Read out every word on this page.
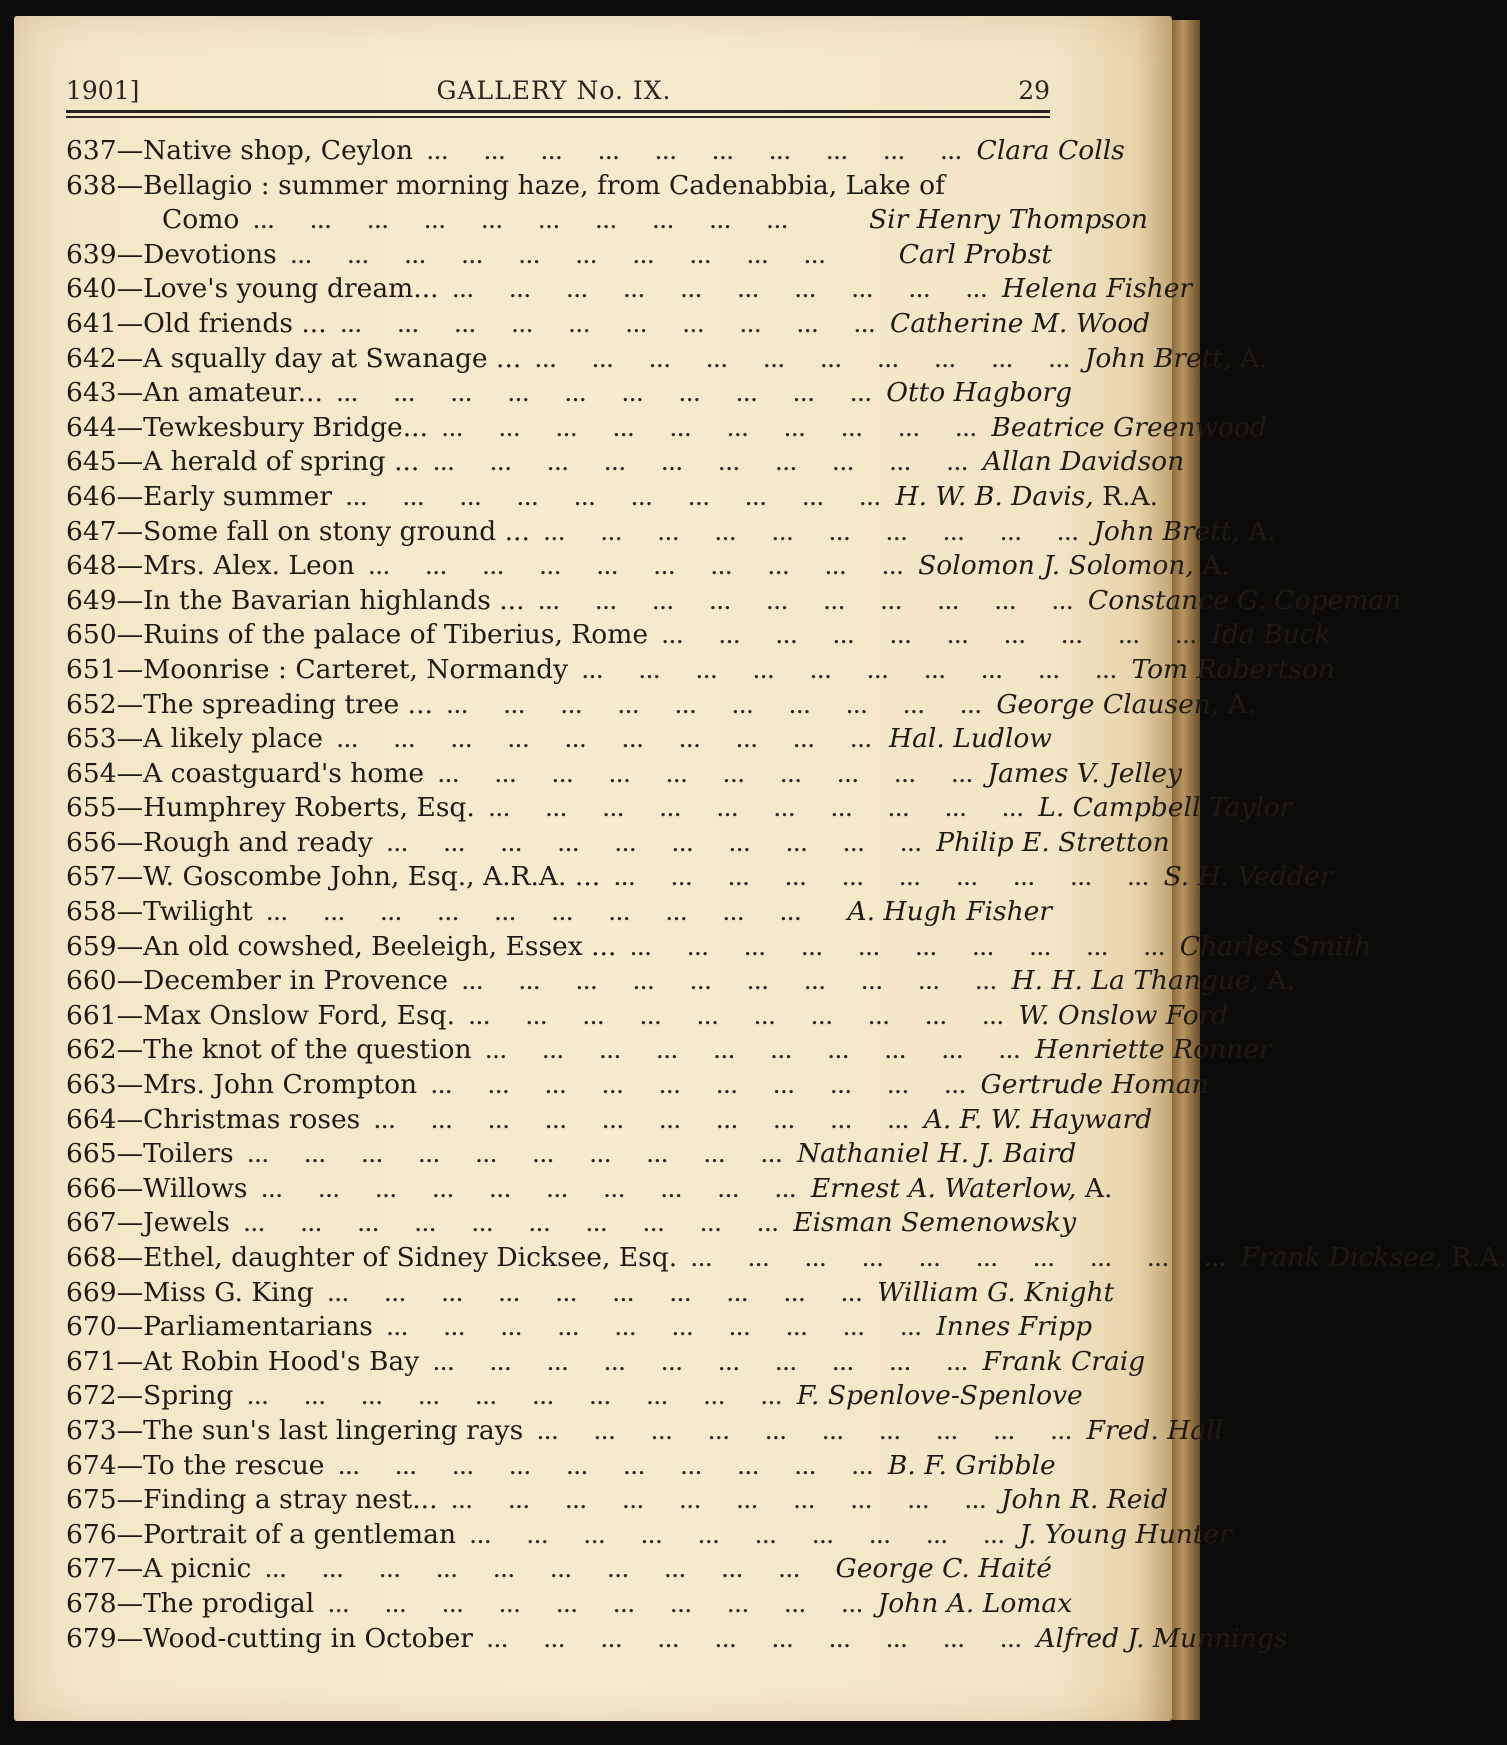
1901]	GALLERY No. IX.	29
637—Native shop, Ceylon ... ... ... ... ... ... ... ... ... ... Clara Colls
638—Bellagio : summer morning haze, from Cadenabbia, Lake of
Como ... ... ... ... ... ... ... ... ... ...	Sir Henry Thompson
639—Devotions ... ... ... ... ... ... ... ... ... ...	Carl Probst
640—Love's young dream... ... ... ... ... ... ... ... ... ... ... Helena Fisher
641—Old friends ... ... ... ... ... ... ... ... ... ... ... Catherine M. Wood
642—A squally day at Swanage ... ... ... ... ... ... ... ... ... ... ... John Brett, A.
643—An amateur... ... ... ... ... ... ... ... ... ... ... Otto Hagborg
644—Tewkesbury Bridge... ... ... ... ... ... ... ... ... ... ... Beatrice Greenwood
645—A herald of spring ... ... ... ... ... ... ... ... ... ... ... Allan Davidson
646—Early summer ... ... ... ... ... ... ... ... ... ... H. W. B. Davis, R.A.
647—Some fall on stony ground ... ... ... ... ... ... ... ... ... ... ... John Brett, A.
648—Mrs. Alex. Leon ... ... ... ... ... ... ... ... ... ... Solomon J. Solomon, A.
649—In the Bavarian highlands ... ... ... ... ... ... ... ... ... ... ... Constance G. Copeman
650—Ruins of the palace of Tiberius, Rome ... ... ... ... ... ... ... ... ... ... Ida Buck
651—Moonrise : Carteret, Normandy ... ... ... ... ... ... ... ... ... ... Tom Robertson
652—The spreading tree ... ... ... ... ... ... ... ... ... ... ... George Clausen, A.
653—A likely place ... ... ... ... ... ... ... ... ... ... Hal. Ludlow
654—A coastguard's home ... ... ... ... ... ... ... ... ... ... James V. Jelley
655—Humphrey Roberts, Esq. ... ... ... ... ... ... ... ... ... ... L. Campbell Taylor
656—Rough and ready ... ... ... ... ... ... ... ... ... ... Philip E. Stretton
657—W. Goscombe John, Esq., A.R.A. ... ... ... ... ... ... ... ... ... ... ... S. H. Vedder
658—Twilight ... ... ... ... ... ... ... ... ... ...	A. Hugh Fisher
659—An old cowshed, Beeleigh, Essex ... ... ... ... ... ... ... ... ... ... ... Charles Smith
660—December in Provence ... ... ... ... ... ... ... ... ... ... H. H. La Thangue, A.
661—Max Onslow Ford, Esq. ... ... ... ... ... ... ... ... ... ... W. Onslow Ford
662—The knot of the question ... ... ... ... ... ... ... ... ... ... Henriette Ronner
663—Mrs. John Crompton ... ... ... ... ... ... ... ... ... ... Gertrude Homan
664—Christmas roses ... ... ... ... ... ... ... ... ... ... A. F. W. Hayward
665—Toilers ... ... ... ... ... ... ... ... ... ... Nathaniel H. J. Baird
666—Willows ... ... ... ... ... ... ... ... ... ... Ernest A. Waterlow, A.
667—Jewels ... ... ... ... ... ... ... ... ... ... Eisman Semenowsky
668—Ethel, daughter of Sidney Dicksee, Esq. ... ... ... ... ... ... ... ... ... ... Frank Dicksee, R.A.
669—Miss G. King ... ... ... ... ... ... ... ... ... ... William G. Knight
670—Parliamentarians ... ... ... ... ... ... ... ... ... ... Innes Fripp
671—At Robin Hood's Bay ... ... ... ... ... ... ... ... ... ... Frank Craig
672—Spring ... ... ... ... ... ... ... ... ... ... F. Spenlove-Spenlove
673—The sun's last lingering rays ... ... ... ... ... ... ... ... ... ... Fred. Hall
674—To the rescue ... ... ... ... ... ... ... ... ... ... B. F. Gribble
675—Finding a stray nest... ... ... ... ... ... ... ... ... ... ... John R. Reid
676—Portrait of a gentleman ... ... ... ... ... ... ... ... ... ... J. Young Hunter
677—A picnic ... ... ... ... ... ... ... ... ... ...	George C. Haité
678—The prodigal ... ... ... ... ... ... ... ... ... ... John A. Lomax
679—Wood-cutting in October ... ... ... ... ... ... ... ... ... ... Alfred J. Munnings
